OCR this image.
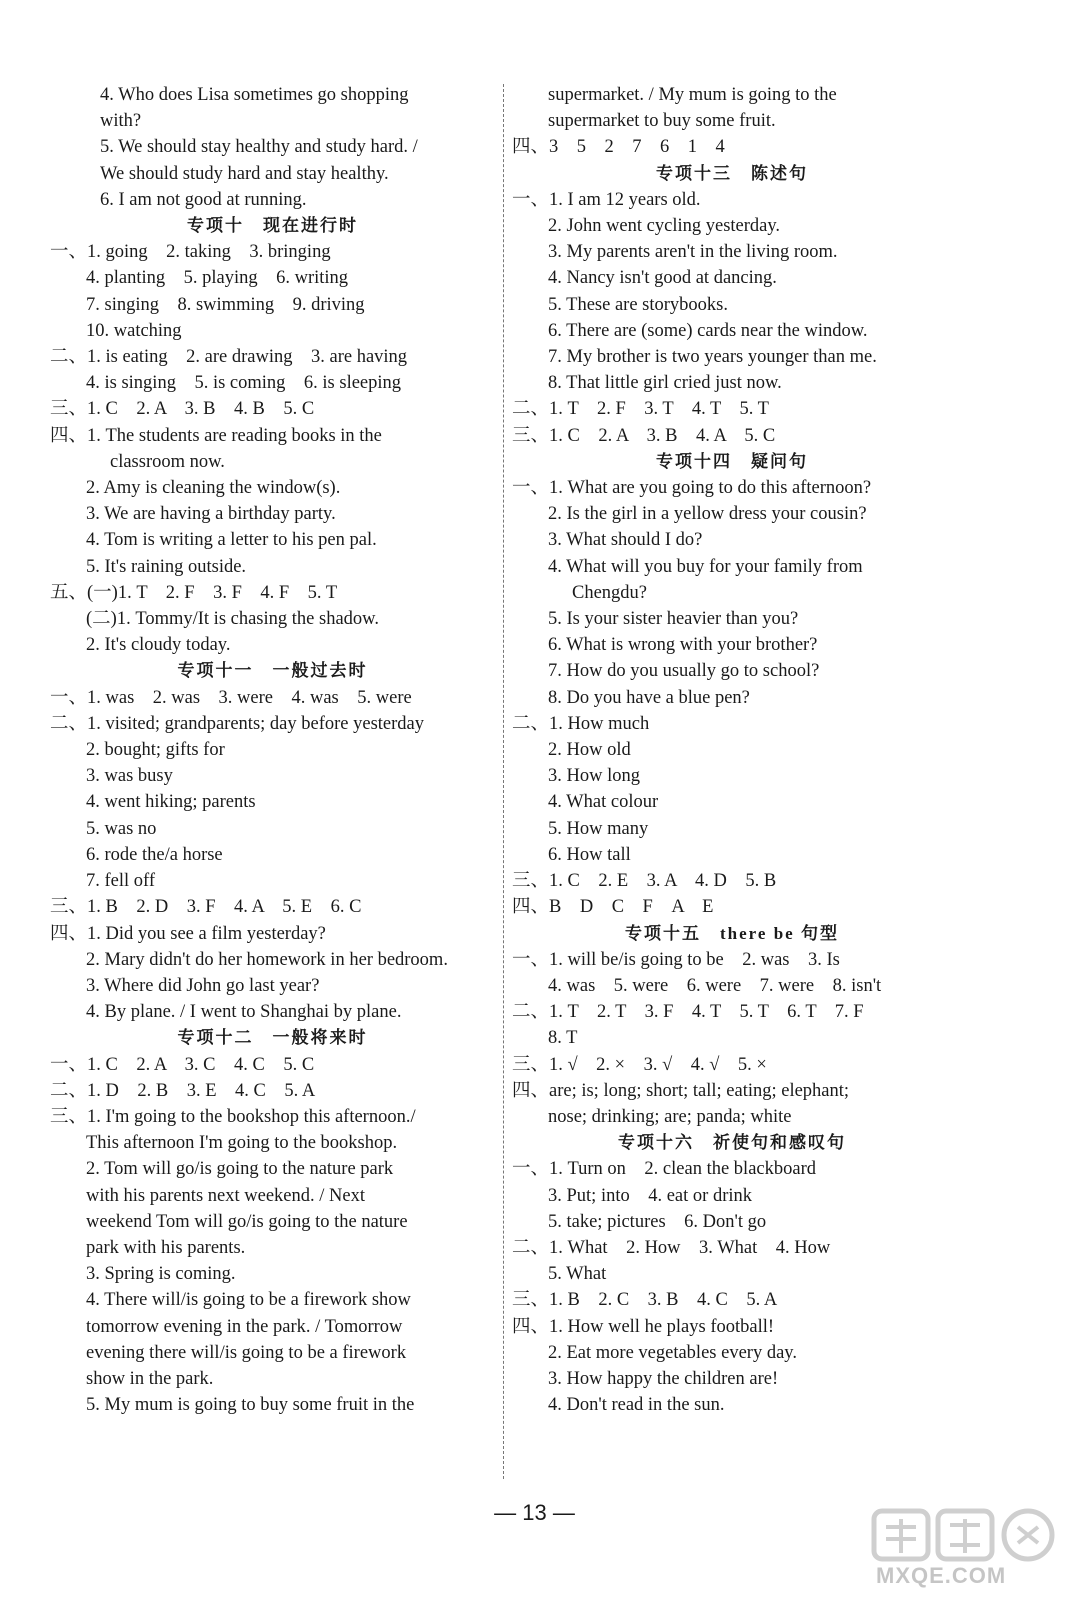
4. Who does Lisa sometimes go shopping
with?
5. We should stay healthy and study hard. /
We should study hard and stay healthy.
6. I am not good at running.
专项十　现在进行时
一、1. going　2. taking　3. bringing
4. planting　5. playing　6. writing
7. singing　8. swimming　9. driving
10. watching
二、1. is eating　2. are drawing　3. are having
4. is singing　5. is coming　6. is sleeping
三、1. C　2. A　3. B　4. B　5. C
四、1. The students are reading books in the
classroom now.
2. Amy is cleaning the window(s).
3. We are having a birthday party.
4. Tom is writing a letter to his pen pal.
5. It's raining outside.
五、(一)1. T　2. F　3. F　4. F　5. T
(二)1. Tommy/It is chasing the shadow.
2. It's cloudy today.
专项十一　一般过去时
一、1. was　2. was　3. were　4. was　5. were
二、1. visited; grandparents; day before yesterday
2. bought; gifts for
3. was busy
4. went hiking; parents
5. was no
6. rode the/a horse
7. fell off
三、1. B　2. D　3. F　4. A　5. E　6. C
四、1. Did you see a film yesterday?
2. Mary didn't do her homework in her bedroom.
3. Where did John go last year?
4. By plane. / I went to Shanghai by plane.
专项十二　一般将来时
一、1. C　2. A　3. C　4. C　5. C
二、1. D　2. B　3. E　4. C　5. A
三、1. I'm going to the bookshop this afternoon./
This afternoon I'm going to the bookshop.
2. Tom will go/is going to the nature park
with his parents next weekend. / Next
weekend Tom will go/is going to the nature
park with his parents.
3. Spring is coming.
4. There will/is going to be a firework show
tomorrow evening in the park. / Tomorrow
evening there will/is going to be a firework
show in the park.
5. My mum is going to buy some fruit in the
supermarket. / My mum is going to the
supermarket to buy some fruit.
四、3　5　2　7　6　1　4
专项十三　陈述句
一、1. I am 12 years old.
2. John went cycling yesterday.
3. My parents aren't in the living room.
4. Nancy isn't good at dancing.
5. These are storybooks.
6. There are (some) cards near the window.
7. My brother is two years younger than me.
8. That little girl cried just now.
二、1. T　2. F　3. T　4. T　5. T
三、1. C　2. A　3. B　4. A　5. C
专项十四　疑问句
一、1. What are you going to do this afternoon?
2. Is the girl in a yellow dress your cousin?
3. What should I do?
4. What will you buy for your family from
Chengdu?
5. Is your sister heavier than you?
6. What is wrong with your brother?
7. How do you usually go to school?
8. Do you have a blue pen?
二、1. How much
2. How old
3. How long
4. What colour
5. How many
6. How tall
三、1. C　2. E　3. A　4. D　5. B
四、B　D　C　F　A　E
专项十五　there be 句型
一、1. will be/is going to be　2. was　3. Is
4. was　5. were　6. were　7. were　8. isn't
二、1. T　2. T　3. F　4. T　5. T　6. T　7. F
8. T
三、1. √　2. ×　3. √　4. √　5. ×
四、are; is; long; short; tall; eating; elephant;
nose; drinking; are; panda; white
专项十六　祈使句和感叹句
一、1. Turn on　2. clean the blackboard
3. Put; into　4. eat or drink
5. take; pictures　6. Don't go
二、1. What　2. How　3. What　4. How
5. What
三、1. B　2. C　3. B　4. C　5. A
四、1. How well he plays football!
2. Eat more vegetables every day.
3. How happy the children are!
4. Don't read in the sun.
— 13 —
MXQE.COM
